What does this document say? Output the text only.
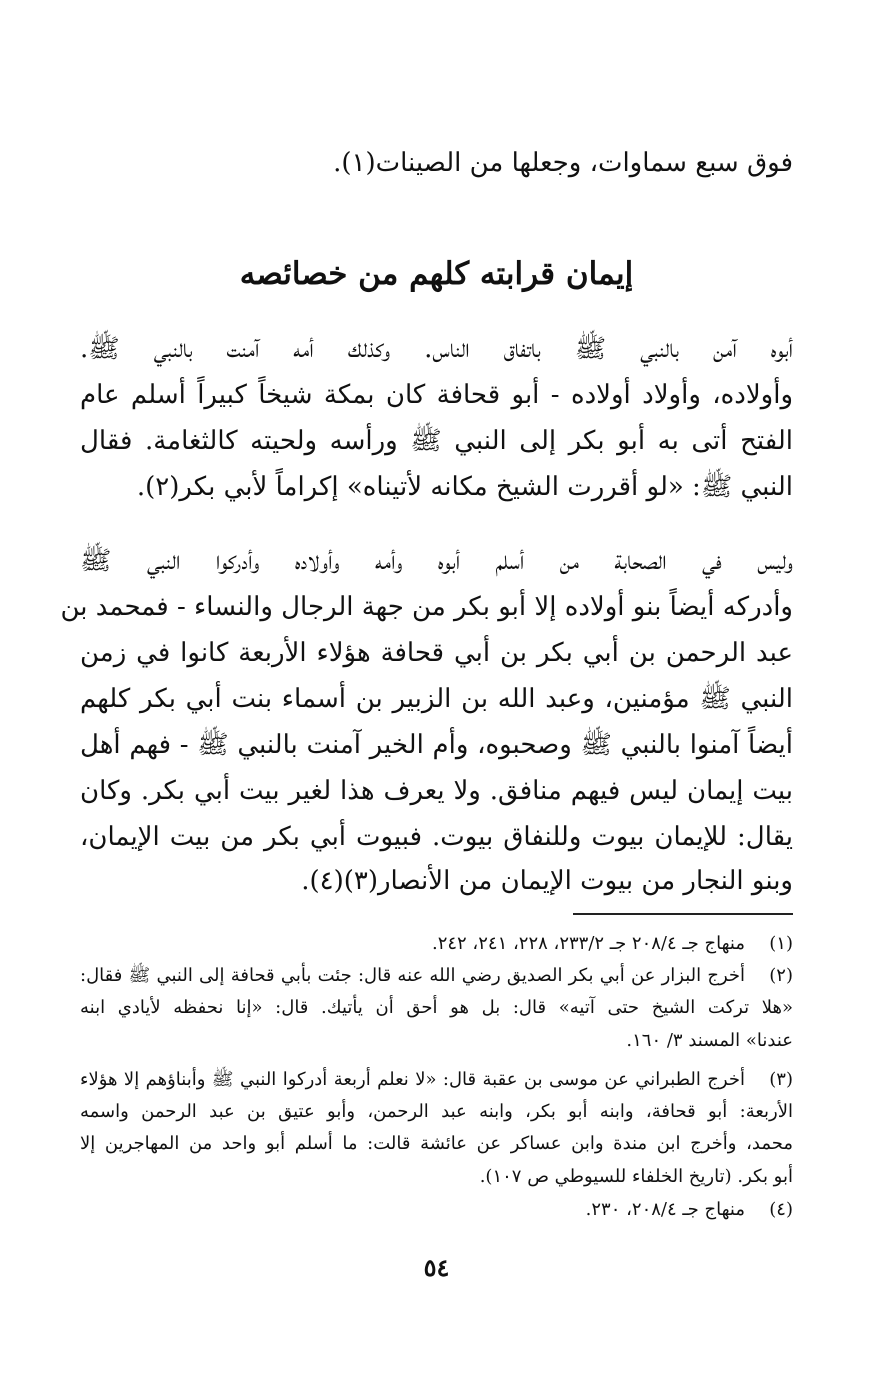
فوق سبع سماوات، وجعلها من الصينات(١).
إيمان قرابته كلهم من خصائصه
أبوه آمن بالنبي ﷺ باتفاق الناس. وكذلك أمه آمنت بالنبي ﷺ.
وأولاده، وأولاد أولاده - أبو قحافة كان بمكة شيخاً كبيراً أسلم عام
الفتح أتى به أبو بكر إلى النبي ﷺ ورأسه ولحيته كالثغامة. فقال
النبي ﷺ: «لو أقررت الشيخ مكانه لأتيناه» إكراماً لأبي بكر(٢).
وليس في الصحابة من أسلم أبوه وأمه وأولاده وأدركوا النبي ﷺ
وأدركه أيضاً بنو أولاده إلا أبو بكر من جهة الرجال والنساء - فمحمد بن
عبد الرحمن بن أبي بكر بن أبي قحافة هؤلاء الأربعة كانوا في زمن
النبي ﷺ مؤمنين، وعبد الله بن الزبير بن أسماء بنت أبي بكر كلهم
أيضاً آمنوا بالنبي ﷺ وصحبوه، وأم الخير آمنت بالنبي ﷺ - فهم أهل
بيت إيمان ليس فيهم منافق. ولا يعرف هذا لغير بيت أبي بكر. وكان
يقال: للإيمان بيوت وللنفاق بيوت. فبيوت أبي بكر من بيت الإيمان،
وبنو النجار من بيوت الإيمان من الأنصار(٣)(٤).
(١)
منهاج جـ ٢٠٨/٤ جـ ٢٣٣/٢، ٢٢٨، ٢٤١، ٢٤٢.
(٢)
أخرج البزار عن أبي بكر الصديق رضي الله عنه قال: جئت بأبي قحافة إلى النبي ﷺ فقال:
«هلا تركت الشيخ حتى آتيه» قال: بل هو أحق أن يأتيك. قال: «إنا نحفظه لأيادي ابنه
عندنا» المسند ٣/ ١٦٠.
(٣)
أخرج الطبراني عن موسى بن عقبة قال: «لا نعلم أربعة أدركوا النبي ﷺ وأبناؤهم إلا هؤلاء
الأربعة: أبو قحافة، وابنه أبو بكر، وابنه عبد الرحمن، وأبو عتيق بن عبد الرحمن واسمه
محمد، وأخرج ابن مندة وابن عساكر عن عائشة قالت: ما أسلم أبو واحد من المهاجرين إلا
أبو بكر. (تاريخ الخلفاء للسيوطي ص ١٠٧).
(٤)
منهاج جـ ٢٠٨/٤، ٢٣٠.
٥٤
